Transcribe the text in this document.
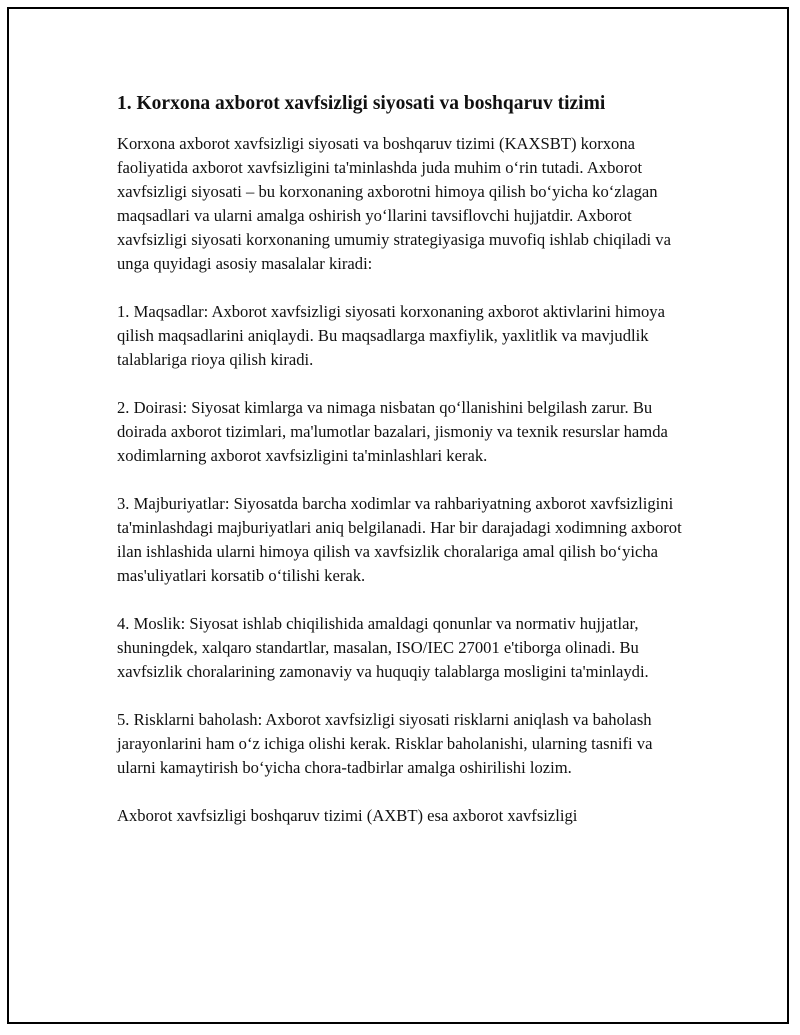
1. Korxona axborot xavfsizligi siyosati va boshqaruv tizimi

Korxona axborot xavfsizligi siyosati va boshqaruv tizimi (KAXSBT) korxona faoliyatida axborot xavfsizligini ta'minlashda juda muhim o‘rin tutadi. Axborot xavfsizligi siyosati – bu korxonaning axborotni himoya qilish bo‘yicha ko‘zlagan maqsadlari va ularni amalga oshirish yo‘llarini tavsiflovchi hujjatdir. Axborot xavfsizligi siyosati korxonaning umumiy strategiyasiga muvofiq ishlab chiqiladi va unga quyidagi asosiy masalalar kiradi:

1. Maqsadlar: Axborot xavfsizligi siyosati korxonaning axborot aktivlarini himoya qilish maqsadlarini aniqlaydi. Bu maqsadlarga maxfiylik, yaxlitlik va mavjudlik talablariga rioya qilish kiradi.

2. Doirasi: Siyosat kimlarga va nimaga nisbatan qo‘llanishini belgilash zarur. Bu doirada axborot tizimlari, ma'lumotlar bazalari, jismoniy va texnik resurslar hamda xodimlarning axborot xavfsizligini ta'minlashlari kerak.

3. Majburiyatlar: Siyosatda barcha xodimlar va rahbariyatning axborot xavfsizligini ta'minlashdagi majburiyatlari aniq belgilanadi. Har bir darajadagi xodimning axborot ilan ishlashida ularni himoya qilish va xavfsizlik choralariga amal qilish bo‘yicha mas'uliyatlari korsatib o‘tilishi kerak.

4. Moslik: Siyosat ishlab chiqilishida amaldagi qonunlar va normativ hujjatlar, shuningdek, xalqaro standartlar, masalan, ISO/IEC 27001 e'tiborga olinadi. Bu xavfsizlik choralarining zamonaviy va huquqiy talablarga mosligini ta'minlaydi.

5. Risklarni baholash: Axborot xavfsizligi siyosati risklarni aniqlash va baholash jarayonlarini ham o‘z ichiga olishi kerak. Risklar baholanishi, ularning tasnifi va ularni kamaytirish bo‘yicha chora-tadbirlar amalga oshirilishi lozim.

Axborot xavfsizligi boshqaruv tizimi (AXBT) esa axborot xavfsizligi
